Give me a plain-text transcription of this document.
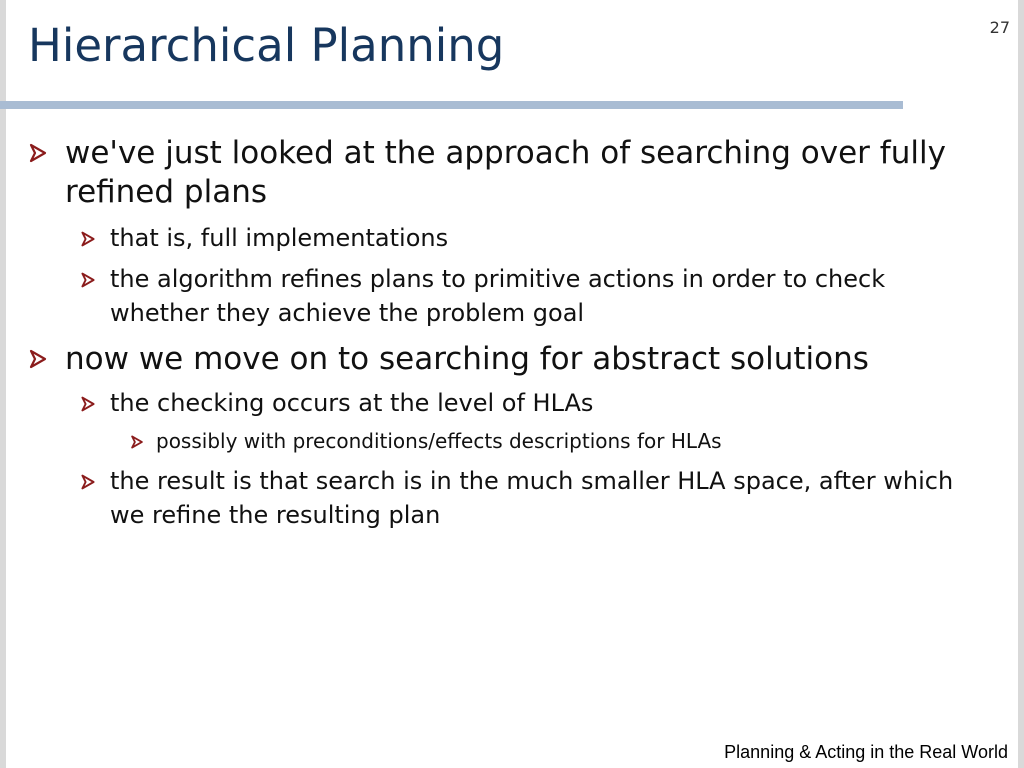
Hierarchical Planning	27
we've just looked at the approach of searching over fully refined plans
that is, full implementations
the algorithm refines plans to primitive actions in order to check whether they achieve the problem goal
now we move on to searching for abstract solutions
the checking occurs at the level of HLAs
possibly with preconditions/effects descriptions for HLAs
the result is that search is in the much smaller HLA space, after which we refine the resulting plan
Planning & Acting in the Real World
